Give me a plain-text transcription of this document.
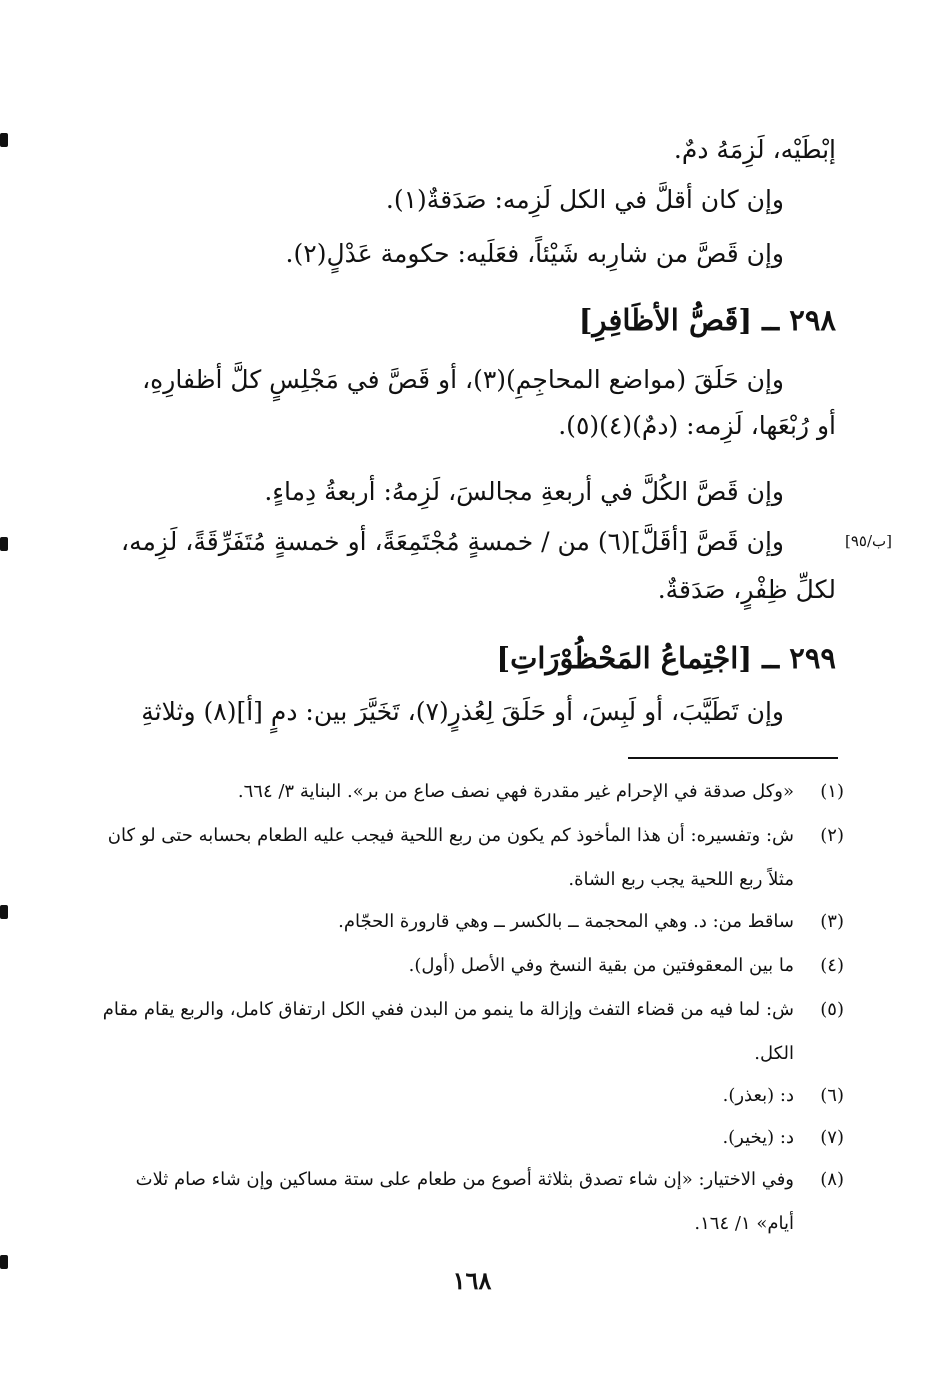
إبْطَيْه، لَزِمَهُ دمٌ.
وإن كان أقلَّ في الكل لَزِمه: صَدَقةٌ(١).
وإن قَصَّ من شارِبه شَيْئاً، فعَلَيه: حكومة عَدْلٍ(٢).
٢٩٨ ــ [قَصُّ الأظَافِرِ]
وإن حَلَقَ (مواضع المحاجِمِ)(٣)، أو قَصَّ في مَجْلِسٍ كلَّ أظفارِهِ،
أو رُبْعَها، لَزِمه: (دمٌ)(٤)(٥).
وإن قَصَّ الكُلَّ في أربعةِ مجالسَ، لَزِمهُ: أربعةُ دِماءٍ.
وإن قَصَّ [أقَلَّ](٦) من / خمسةٍ مُجْتَمِعَةً، أو خمسةٍ مُتَفَرِّقَةً، لَزِمه،
لكلِّ ظِفْرٍ، صَدَقةٌ.
[ب/٩٥]
٢٩٩ ــ [اجْتِماعُ المَحْظُوْرَاتِ]
وإن تَطَيَّبَ، أو لَبِسَ، أو حَلَقَ لِعُذرٍ(٧)، تَخَيَّرَ بين: دمٍ [أ](٨) وثلاثةِ
(١)
«وكل صدقة في الإحرام غير مقدرة فهي نصف صاع من بر». البناية ٣/ ٦٦٤.
(٢)
ش: وتفسيره: أن هذا المأخوذ كم يكون من ربع اللحية فيجب عليه الطعام بحسابه حتى لو كان مثلاً ربع اللحية يجب ربع الشاة.
(٣)
ساقط من: د. وهي المحجمة ــ بالكسر ــ وهي قارورة الحجّام.
(٤)
ما بين المعقوفتين من بقية النسخ وفي الأصل (أول).
(٥)
ش: لما فيه من قضاء التفث وإزالة ما ينمو من البدن ففي الكل ارتفاق كامل، والربع يقام مقام الكل.
(٦)
د: (بعذر).
(٧)
د: (يخير).
(٨)
وفي الاختيار: «إن شاء تصدق بثلاثة أصوع من طعام على ستة مساكين وإن شاء صام ثلاث أيام» ١/ ١٦٤.
١٦٨
